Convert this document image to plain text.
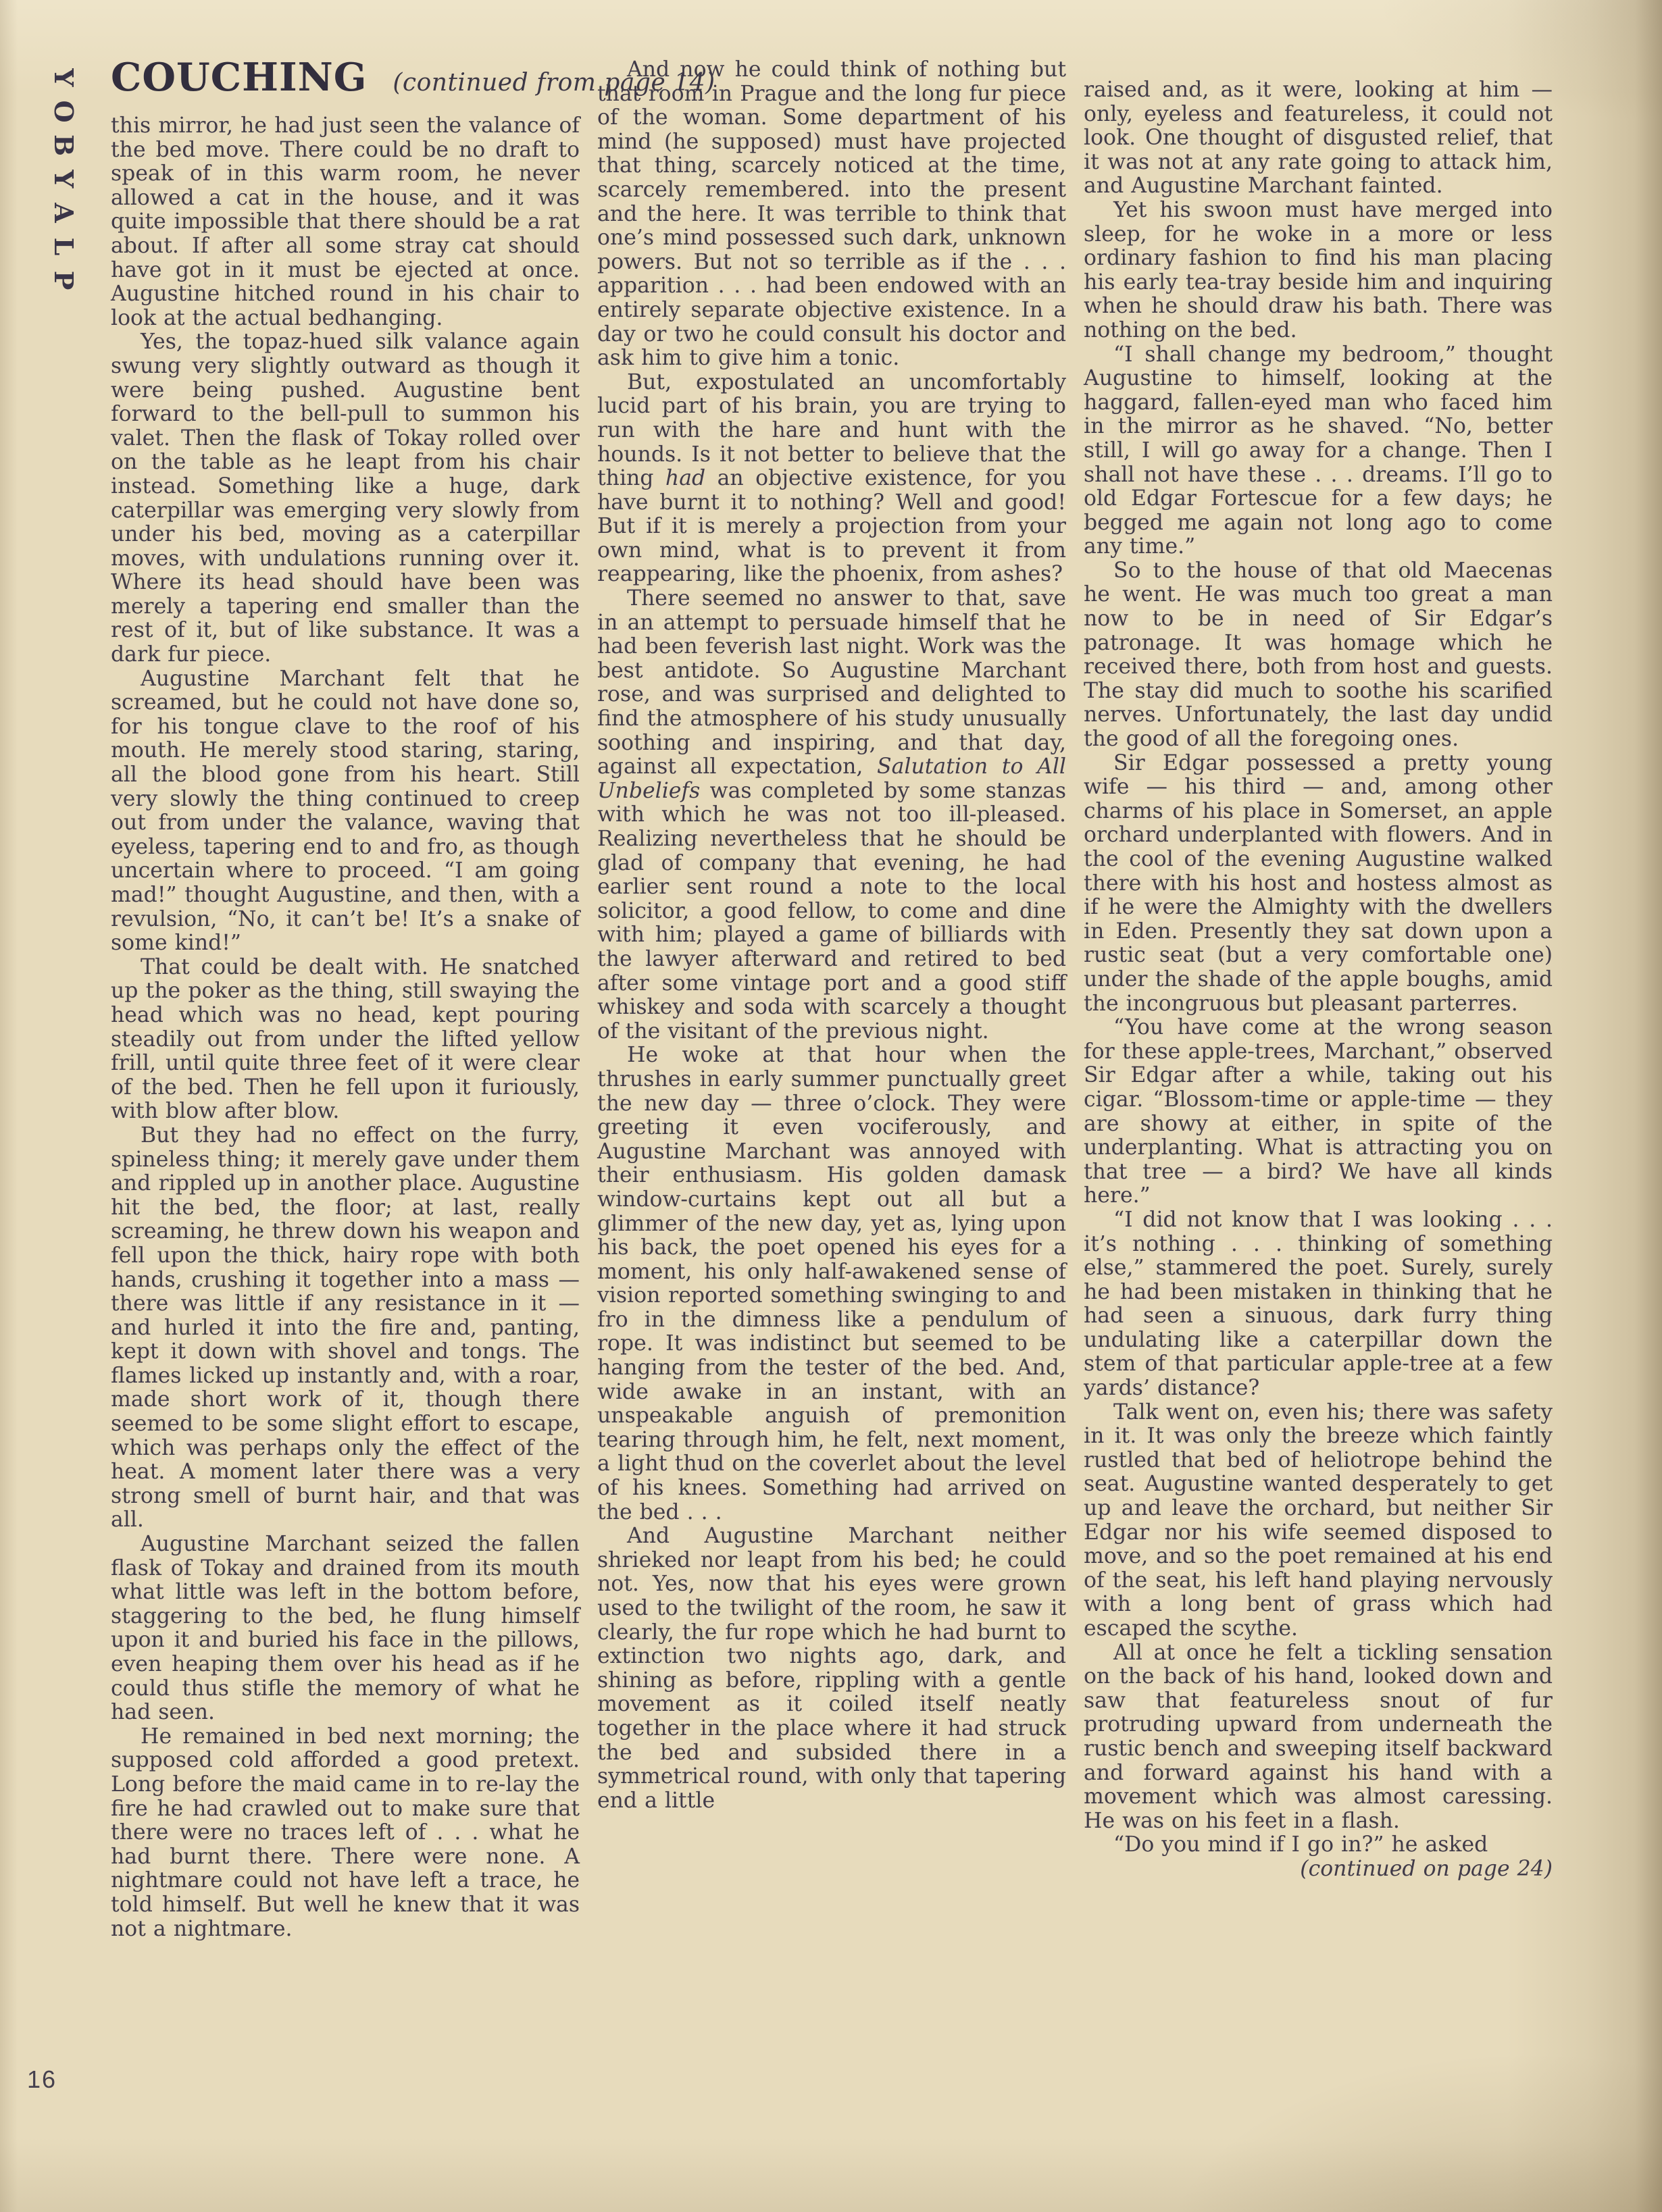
Y
O
B
Y
A
L
P
COUCHING (continued from page 14)

this mirror, he had just seen the valance of the bed move. There could be no draft to speak of in this warm room, he never allowed a cat in the house, and it was quite impossible that there should be a rat about. If after all some stray cat should have got in it must be ejected at once. Augustine hitched round in his chair to look at the actual bedhanging.

Yes, the topaz-hued silk valance again swung very slightly outward as though it were being pushed. Augustine bent forward to the bell-pull to summon his valet. Then the flask of Tokay rolled over on the table as he leapt from his chair instead. Something like a huge, dark caterpillar was emerging very slowly from under his bed, moving as a caterpillar moves, with undulations running over it. Where its head should have been was merely a tapering end smaller than the rest of it, but of like substance. It was a dark fur piece.

Augustine Marchant felt that he screamed, but he could not have done so, for his tongue clave to the roof of his mouth. He merely stood staring, staring, all the blood gone from his heart. Still very slowly the thing continued to creep out from under the valance, waving that eyeless, tapering end to and fro, as though uncertain where to proceed. “I am going mad!” thought Augustine, and then, with a revulsion, “No, it can’t be! It’s a snake of some kind!”

That could be dealt with. He snatched up the poker as the thing, still swaying the head which was no head, kept pouring steadily out from under the lifted yellow frill, until quite three feet of it were clear of the bed. Then he fell upon it furiously, with blow after blow.

But they had no effect on the furry, spineless thing; it merely gave under them and rippled up in another place. Augustine hit the bed, the floor; at last, really screaming, he threw down his weapon and fell upon the thick, hairy rope with both hands, crushing it together into a mass — there was little if any resistance in it — and hurled it into the fire and, panting, kept it down with shovel and tongs. The flames licked up instantly and, with a roar, made short work of it, though there seemed to be some slight effort to escape, which was perhaps only the effect of the heat. A moment later there was a very strong smell of burnt hair, and that was all.

Augustine Marchant seized the fallen flask of Tokay and drained from its mouth what little was left in the bottom before, staggering to the bed, he flung himself upon it and buried his face in the pillows, even heaping them over his head as if he could thus stifle the memory of what he had seen.

He remained in bed next morning; the supposed cold afforded a good pretext. Long before the maid came in to re-lay the fire he had crawled out to make sure that there were no traces left of . . . what he had burnt there. There were none. A nightmare could not have left a trace, he told himself. But well he knew that it was not a nightmare.

And now he could think of nothing but that room in Prague and the long fur piece of the woman. Some department of his mind (he supposed) must have projected that thing, scarcely noticed at the time, scarcely remembered. into the present and the here. It was terrible to think that one’s mind possessed such dark, unknown powers. But not so terrible as if the . . . apparition . . . had been endowed with an entirely separate objective existence. In a day or two he could consult his doctor and ask him to give him a tonic.

But, expostulated an uncomfortably lucid part of his brain, you are trying to run with the hare and hunt with the hounds. Is it not better to believe that the thing had an objective existence, for you have burnt it to nothing? Well and good! But if it is merely a projection from your own mind, what is to prevent it from reappearing, like the phoenix, from ashes?

There seemed no answer to that, save in an attempt to persuade himself that he had been feverish last night. Work was the best antidote. So Augustine Marchant rose, and was surprised and delighted to find the atmosphere of his study unusually soothing and inspiring, and that day, against all expectation, Salutation to All Unbeliefs was completed by some stanzas with which he was not too ill-pleased. Realizing nevertheless that he should be glad of company that evening, he had earlier sent round a note to the local solicitor, a good fellow, to come and dine with him; played a game of billiards with the lawyer afterward and retired to bed after some vintage port and a good stiff whiskey and soda with scarcely a thought of the visitant of the previous night.

He woke at that hour when the thrushes in early summer punctually greet the new day — three o’clock. They were greeting it even vociferously, and Augustine Marchant was annoyed with their enthusiasm. His golden damask window-curtains kept out all but a glimmer of the new day, yet as, lying upon his back, the poet opened his eyes for a moment, his only half-awakened sense of vision reported something swinging to and fro in the dimness like a pendulum of rope. It was indistinct but seemed to be hanging from the tester of the bed. And, wide awake in an instant, with an unspeakable anguish of premonition tearing through him, he felt, next moment, a light thud on the coverlet about the level of his knees. Something had arrived on the bed . . .

And Augustine Marchant neither shrieked nor leapt from his bed; he could not. Yes, now that his eyes were grown used to the twilight of the room, he saw it clearly, the fur rope which he had burnt to extinction two nights ago, dark, and shining as before, rippling with a gentle movement as it coiled itself neatly together in the place where it had struck the bed and subsided there in a symmetrical round, with only that tapering end a little

raised and, as it were, looking at him — only, eyeless and featureless, it could not look. One thought of disgusted relief, that it was not at any rate going to attack him, and Augustine Marchant fainted.

Yet his swoon must have merged into sleep, for he woke in a more or less ordinary fashion to find his man placing his early tea-tray beside him and inquiring when he should draw his bath. There was nothing on the bed.

“I shall change my bedroom,” thought Augustine to himself, looking at the haggard, fallen-eyed man who faced him in the mirror as he shaved. “No, better still, I will go away for a change. Then I shall not have these . . . dreams. I’ll go to old Edgar Fortescue for a few days; he begged me again not long ago to come any time.”

So to the house of that old Maecenas he went. He was much too great a man now to be in need of Sir Edgar’s patronage. It was homage which he received there, both from host and guests. The stay did much to soothe his scarified nerves. Unfortunately, the last day undid the good of all the foregoing ones.

Sir Edgar possessed a pretty young wife — his third — and, among other charms of his place in Somerset, an apple orchard underplanted with flowers. And in the cool of the evening Augustine walked there with his host and hostess almost as if he were the Almighty with the dwellers in Eden. Presently they sat down upon a rustic seat (but a very comfortable one) under the shade of the apple boughs, amid the incongruous but pleasant parterres.

“You have come at the wrong season for these apple-trees, Marchant,” observed Sir Edgar after a while, taking out his cigar. “Blossom-time or apple-time — they are showy at either, in spite of the underplanting. What is attracting you on that tree — a bird? We have all kinds here.”

“I did not know that I was looking . . . it’s nothing . . . thinking of something else,” stammered the poet. Surely, surely he had been mistaken in thinking that he had seen a sinuous, dark furry thing undulating like a caterpillar down the stem of that particular apple-tree at a few yards’ distance?

Talk went on, even his; there was safety in it. It was only the breeze which faintly rustled that bed of heliotrope behind the seat. Augustine wanted desperately to get up and leave the orchard, but neither Sir Edgar nor his wife seemed disposed to move, and so the poet remained at his end of the seat, his left hand playing nervously with a long bent of grass which had escaped the scythe.

All at once he felt a tickling sensation on the back of his hand, looked down and saw that featureless snout of fur protruding upward from underneath the rustic bench and sweeping itself backward and forward against his hand with a movement which was almost caressing. He was on his feet in a flash.

“Do you mind if I go in?” he asked

(continued on page 24)

16
